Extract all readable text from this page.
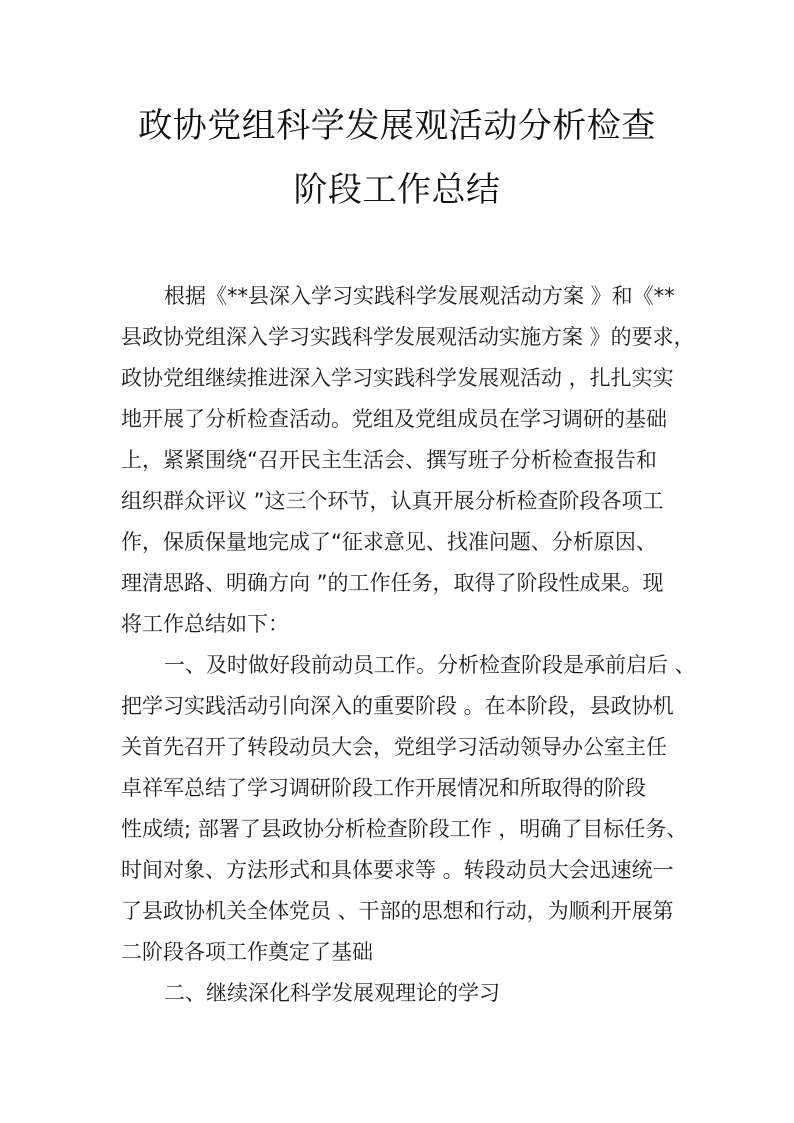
政协党组科学发展观活动分析检查
阶段工作总结
根据《**县深入学习实践科学发展观活动方案 》和《**
县政协党组深入学习实践科学发展观活动实施方案 》的要求，
政协党组继续推进深入学习实践科学发展观活动 ，扎扎实实
地开展了分析检查活动。党组及党组成员在学习调研的基础
上，紧紧围绕“召开民主生活会、撰写班子分析检查报告和
组织群众评议 ”这三个环节，认真开展分析检查阶段各项工
作，保质保量地完成了“征求意见、找准问题、分析原因、
理清思路、明确方向 ”的工作任务，取得了阶段性成果。现
将工作总结如下：
一、及时做好段前动员工作。分析检查阶段是承前启后 、
把学习实践活动引向深入的重要阶段 。在本阶段，县政协机
关首先召开了转段动员大会，党组学习活动领导办公室主任
卓祥军总结了学习调研阶段工作开展情况和所取得的阶段
性成绩; 部署了县政协分析检查阶段工作 ，明确了目标任务、
时间对象、方法形式和具体要求等 。转段动员大会迅速统一
了县政协机关全体党员 、干部的思想和行动，为顺利开展第
二阶段各项工作奠定了基础
二、继续深化科学发展观理论的学习
